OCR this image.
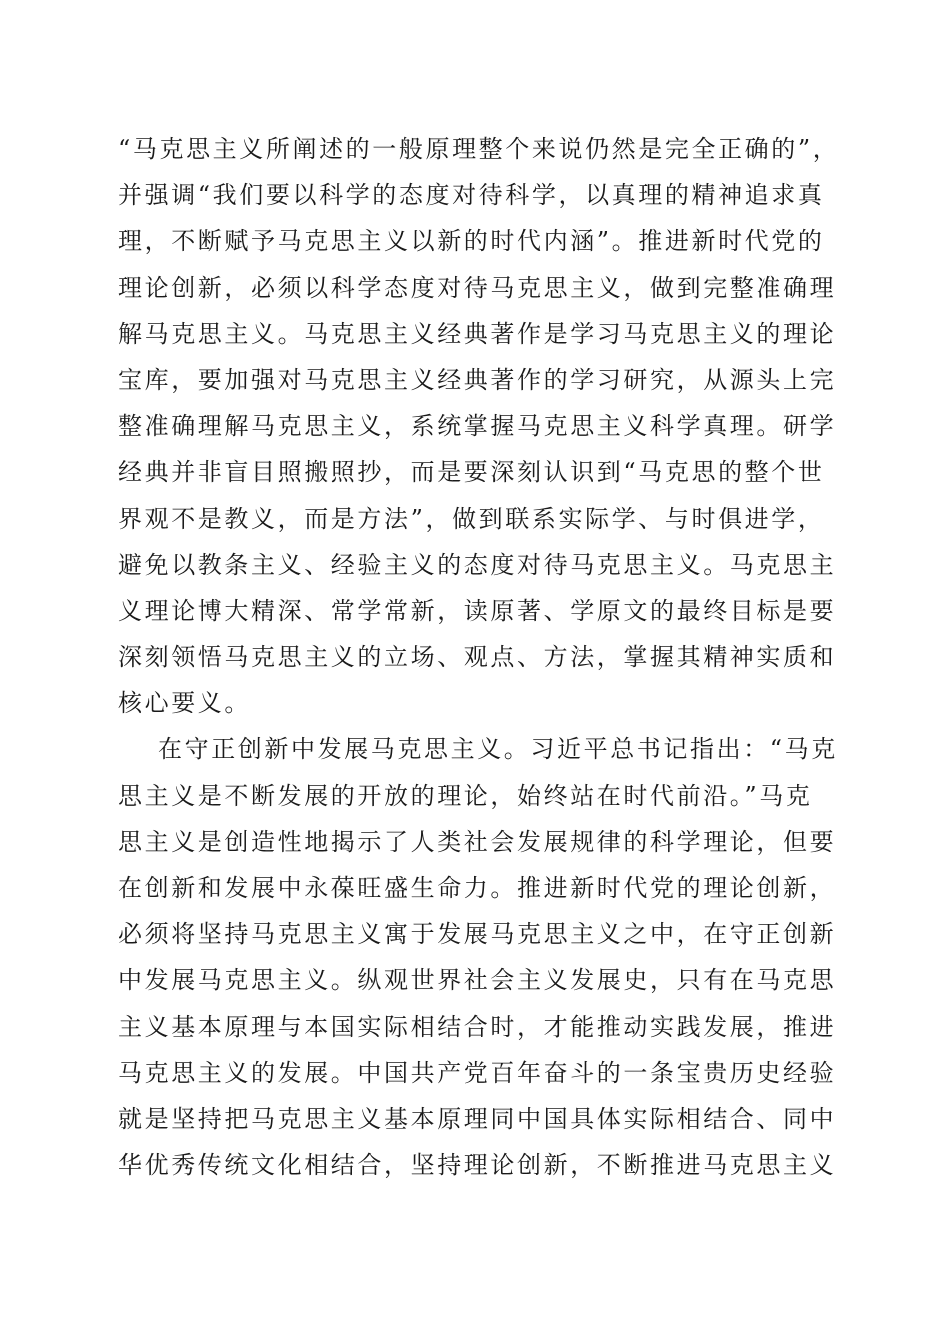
“马克思主义所阐述的一般原理整个来说仍然是完全正确的”，
并强调“我们要以科学的态度对待科学，以真理的精神追求真
理，不断赋予马克思主义以新的时代内涵”。推进新时代党的
理论创新，必须以科学态度对待马克思主义，做到完整准确理
解马克思主义。马克思主义经典著作是学习马克思主义的理论
宝库，要加强对马克思主义经典著作的学习研究，从源头上完
整准确理解马克思主义，系统掌握马克思主义科学真理。研学
经典并非盲目照搬照抄，而是要深刻认识到“马克思的整个世
界观不是教义，而是方法”，做到联系实际学、与时俱进学，
避免以教条主义、经验主义的态度对待马克思主义。马克思主
义理论博大精深、常学常新，读原著、学原文的最终目标是要
深刻领悟马克思主义的立场、观点、方法，掌握其精神实质和
核心要义。
在守正创新中发展马克思主义。习近平总书记指出：“马克
思主义是不断发展的开放的理论，始终站在时代前沿。”马克
思主义是创造性地揭示了人类社会发展规律的科学理论，但要
在创新和发展中永葆旺盛生命力。推进新时代党的理论创新，
必须将坚持马克思主义寓于发展马克思主义之中，在守正创新
中发展马克思主义。纵观世界社会主义发展史，只有在马克思
主义基本原理与本国实际相结合时，才能推动实践发展，推进
马克思主义的发展。中国共产党百年奋斗的一条宝贵历史经验
就是坚持把马克思主义基本原理同中国具体实际相结合、同中
华优秀传统文化相结合，坚持理论创新，不断推进马克思主义
